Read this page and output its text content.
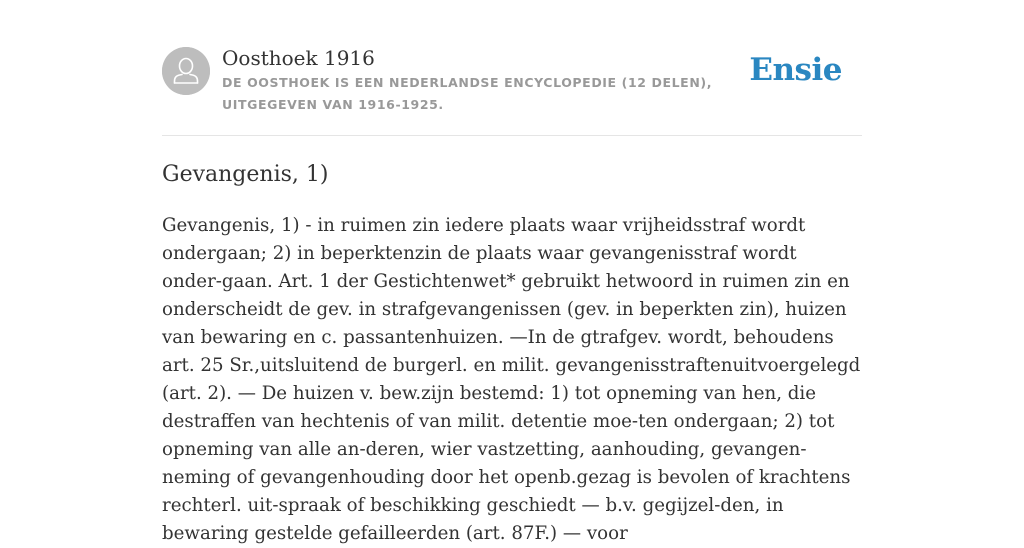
Oosthoek 1916
DE OOSTHOEK IS EEN NEDERLANDSE ENCYCLOPEDIE (12 DELEN), UITGEGEVEN VAN 1916-1925.
Ensie
Gevangenis, 1)

Gevangenis, 1) - in ruimen zin iedere plaats waar vrijheidsstraf wordt ondergaan; 2) in beperktenzin de plaats waar gevangenisstraf wordt onder-gaan. Art. 1 der Gestichtenwet* gebruikt hetwoord in ruimen zin en onderscheidt de gev. in strafgevangenissen (gev. in beperkten zin), huizen van bewaring en c. passantenhuizen. —In de gtrafgev. wordt, behoudens art. 25 Sr.,uitsluitend de burgerl. en milit. gevangenisstraftenuitvoergelegd (art. 2). — De huizen v. bew.zijn bestemd: 1) tot opneming van hen, die destraffen van hechtenis of van milit. detentie moe-ten ondergaan; 2) tot opneming van alle an-deren, wier vastzetting, aanhouding, gevangen-neming of gevangenhouding door het openb.gezag is bevolen of krachtens rechterl. uit-spraak of beschikking geschiedt — b.v. gegijzel-den, in bewaring gestelde gefailleerden (art. 87F.) — voor
